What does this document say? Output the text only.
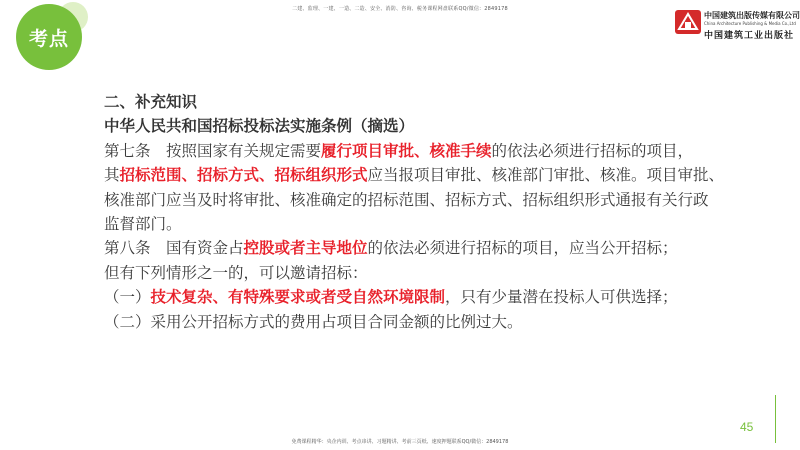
二建、监理、一建、一造、二造、安全、消防、咨询、税务课程网盘联系QQ/微信：2849178
考点
中国建筑出版传媒有限公司
China Architecture Publishing & Media Co.,Ltd
中国建筑工业出版社
二、补充知识
中华人民共和国招标投标法实施条例（摘选）
第七条　按照国家有关规定需要履行项目审批、核准手续的依法必须进行招标的项目，
其招标范围、招标方式、招标组织形式应当报项目审批、核准部门审批、核准。项目审批、
核准部门应当及时将审批、核准确定的招标范围、招标方式、招标组织形式通报有关行政
监督部门。
第八条　国有资金占控股或者主导地位的依法必须进行招标的项目，应当公开招标；
但有下列情形之一的，可以邀请招标：
（一）技术复杂、有特殊要求或者受自然环境限制，只有少量潜在投标人可供选择；
（二）采用公开招标方式的费用占项目合同金额的比例过大。
45
免费课程精华：央企内训、考点串讲、习题精讲、考前三页纸、速度押题联系QQ/微信：2849178
